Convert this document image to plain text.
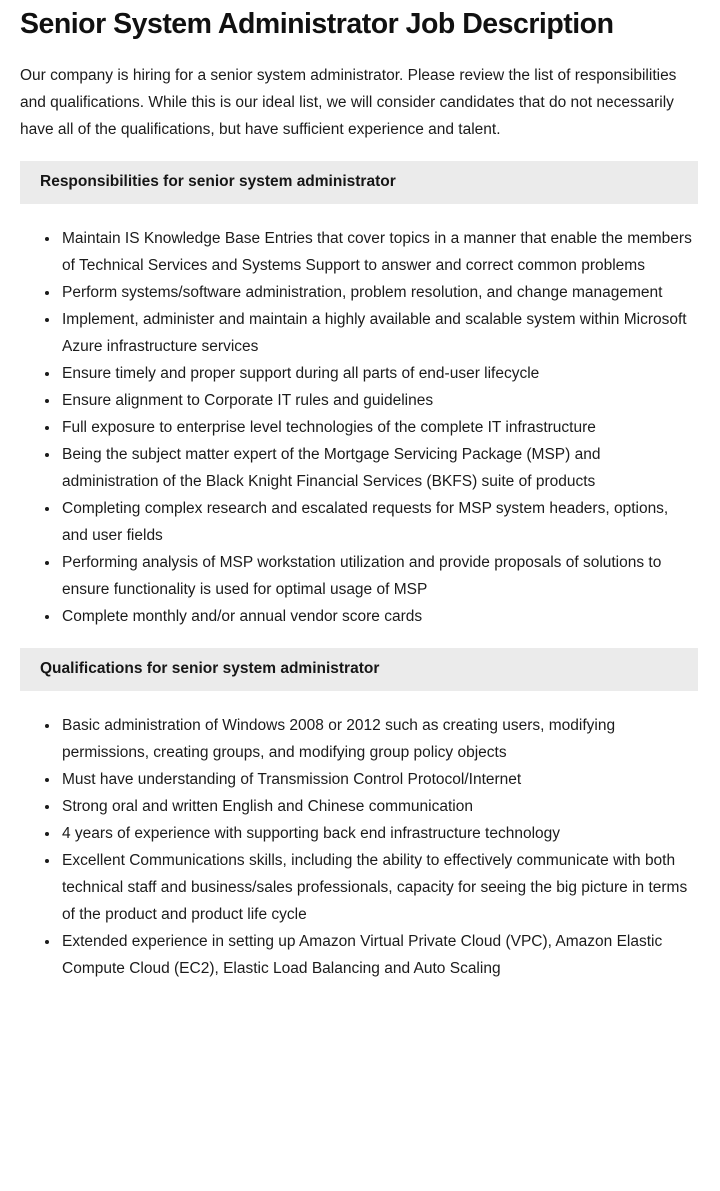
Senior System Administrator Job Description

Our company is hiring for a senior system administrator. Please review the list of responsibilities and qualifications. While this is our ideal list, we will consider candidates that do not necessarily have all of the qualifications, but have sufficient experience and talent.

Responsibilities for senior system administrator
• Maintain IS Knowledge Base Entries that cover topics in a manner that enable the members of Technical Services and Systems Support to answer and correct common problems
• Perform systems/software administration, problem resolution, and change management
• Implement, administer and maintain a highly available and scalable system within Microsoft Azure infrastructure services
• Ensure timely and proper support during all parts of end-user lifecycle
• Ensure alignment to Corporate IT rules and guidelines
• Full exposure to enterprise level technologies of the complete IT infrastructure
• Being the subject matter expert of the Mortgage Servicing Package (MSP) and administration of the Black Knight Financial Services (BKFS) suite of products
• Completing complex research and escalated requests for MSP system headers, options, and user fields
• Performing analysis of MSP workstation utilization and provide proposals of solutions to ensure functionality is used for optimal usage of MSP
• Complete monthly and/or annual vendor score cards
Qualifications for senior system administrator
• Basic administration of Windows 2008 or 2012 such as creating users, modifying permissions, creating groups, and modifying group policy objects
• Must have understanding of Transmission Control Protocol/Internet
• Strong oral and written English and Chinese communication
• 4 years of experience with supporting back end infrastructure technology
• Excellent Communications skills, including the ability to effectively communicate with both technical staff and business/sales professionals, capacity for seeing the big picture in terms of the product and product life cycle
• Extended experience in setting up Amazon Virtual Private Cloud (VPC), Amazon Elastic Compute Cloud (EC2), Elastic Load Balancing and Auto Scaling
